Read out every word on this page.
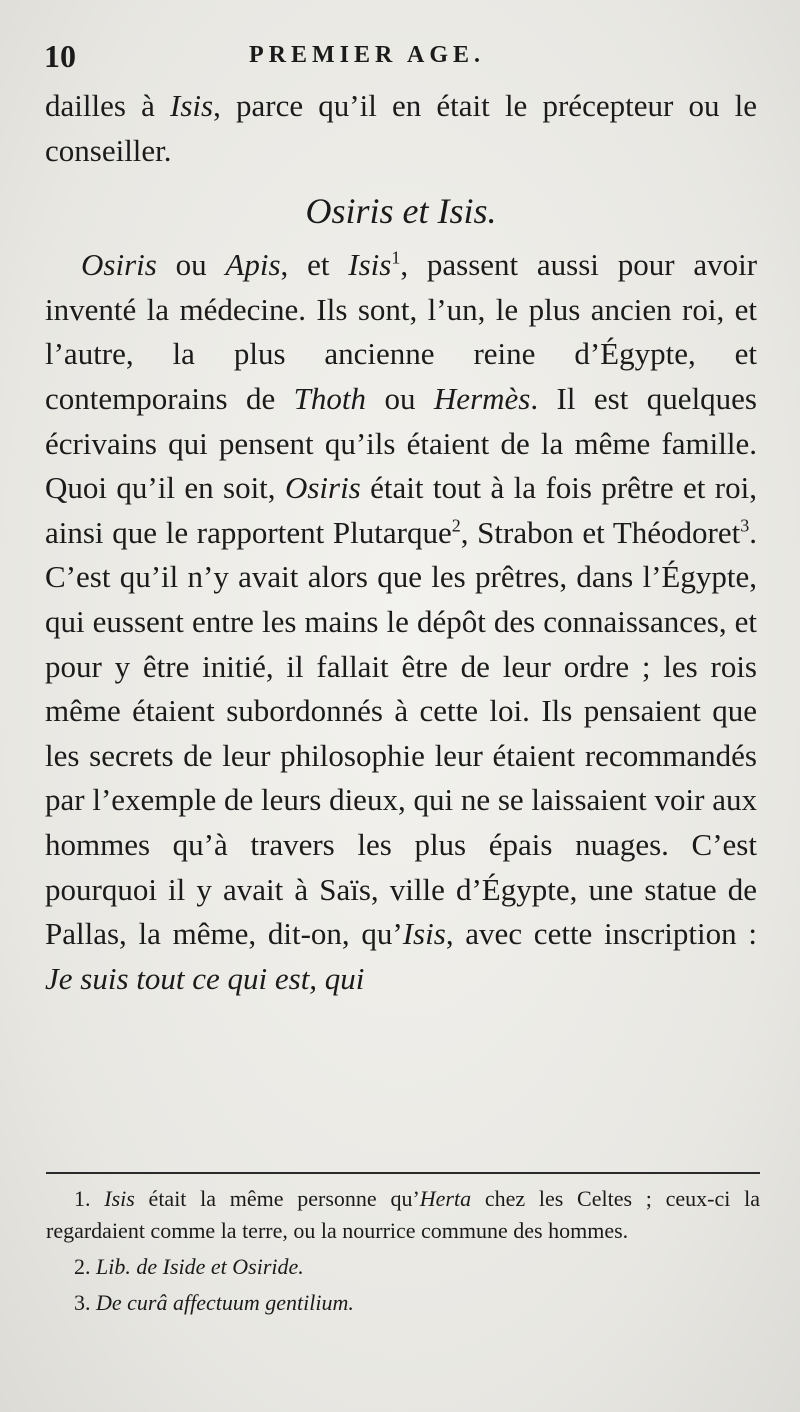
10	PREMIER AGE.

dailles à Isis, parce qu’il en était le précepteur ou le conseiller.

Osiris et Isis.

Osiris ou Apis, et Isis$^1$, passent aussi pour avoir inventé la médecine. Ils sont, l’un, le plus ancien roi, et l’autre, la plus ancienne reine d’Égypte, et contemporains de Thoth ou Hermès. Il est quelques écrivains qui pensent qu’ils étaient de la même famille. Quoi qu’il en soit, Osiris était tout à la fois prêtre et roi, ainsi que le rapportent Plutarque$^2$, Strabon et Théodoret$^3$. C’est qu’il n’y avait alors que les prêtres, dans l’Égypte, qui eussent entre les mains le dépôt des connaissances, et pour y être initié, il fallait être de leur ordre ; les rois même étaient subordonnés à cette loi. Ils pensaient que les secrets de leur philosophie leur étaient recommandés par l’exemple de leurs dieux, qui ne se laissaient voir aux hommes qu’à travers les plus épais nuages. C’est pourquoi il y avait à Saïs, ville d’Égypte, une statue de Pallas, la même, dit-on, qu’Isis, avec cette inscription : Je suis tout ce qui est, qui

1. Isis était la même personne qu’Herta chez les Celtes ; ceux-ci la regardaient comme la terre, ou la nourrice commune des hommes.

2. Lib. de Iside et Osiride.

3. De curâ affectuum gentilium.
